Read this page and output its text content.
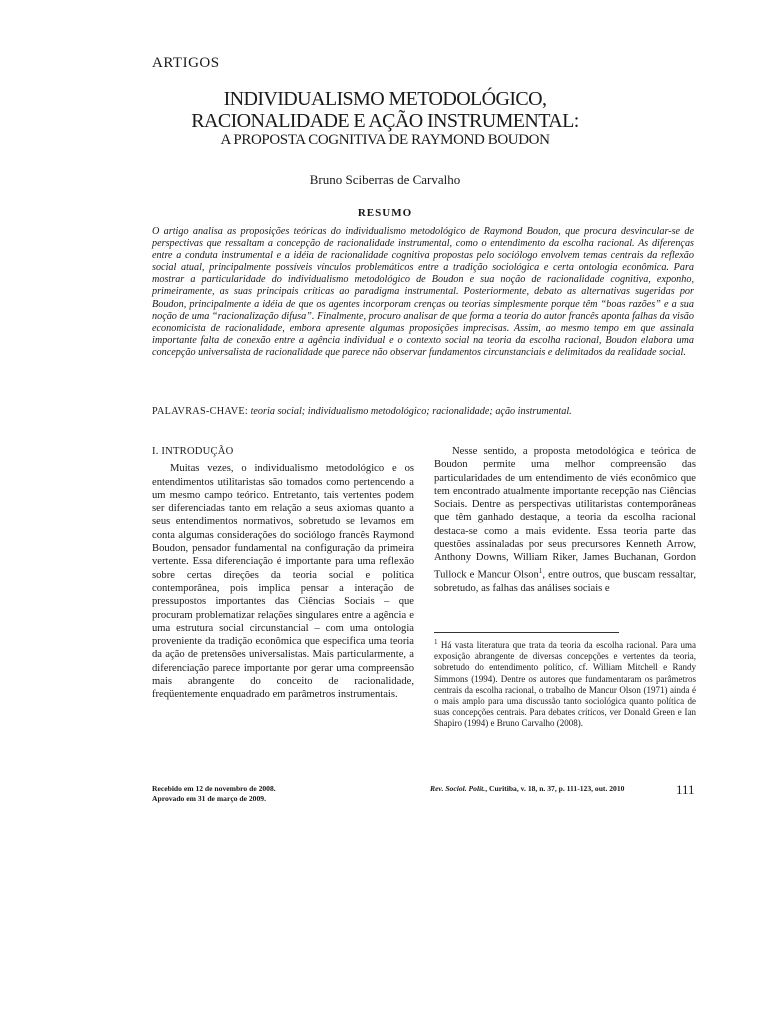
ARTIGOS
INDIVIDUALISMO METODOLÓGICO,
RACIONALIDADE E AÇÃO INSTRUMENTAL:
A PROPOSTA COGNITIVA DE RAYMOND BOUDON
Bruno Sciberras de Carvalho
RESUMO

O artigo analisa as proposições teóricas do individualismo metodológico de Raymond Boudon, que procura desvincular-se de perspectivas que ressaltam a concepção de racionalidade instrumental, como o entendimento da escolha racional. As diferenças entre a conduta instrumental e a idéia de racionalidade cognitiva propostas pelo sociólogo envolvem temas centrais da reflexão social atual, principalmente possíveis vínculos problemáticos entre a tradição sociológica e certa ontologia econômica. Para mostrar a particularidade do individualismo metodológico de Boudon e sua noção de racionalidade cognitiva, exponho, primeiramente, as suas principais críticas ao paradigma instrumental. Posteriormente, debato as alternativas sugeridas por Boudon, principalmente a idéia de que os agentes incorporam crenças ou teorias simplesmente porque têm “boas razões” e a sua noção de uma “racionalização difusa”. Finalmente, procuro analisar de que forma a teoria do autor francês aponta falhas da visão economicista de racionalidade, embora apresente algumas proposições imprecisas. Assim, ao mesmo tempo em que assinala importante falta de conexão entre a agência individual e o contexto social na teoria da escolha racional, Boudon elabora uma concepção universalista de racionalidade que parece não observar fundamentos circunstanciais e delimitados da realidade social.

PALAVRAS-CHAVE: teoria social; individualismo metodológico; racionalidade; ação instrumental.
I. INTRODUÇÃO

Muitas vezes, o individualismo metodológico e os entendimentos utilitaristas são tomados como pertencendo a um mesmo campo teórico. Entretanto, tais vertentes podem ser diferenciadas tanto em relação a seus axiomas quanto a seus entendimentos normativos, sobretudo se levamos em conta algumas considerações do sociólogo francês Raymond Boudon, pensador fundamental na configuração da primeira vertente. Essa diferenciação é importante para uma reflexão sobre certas direções da teoria social e política contemporânea, pois implica pensar a interação de pressupostos importantes das Ciências Sociais – que procuram problematizar relações singulares entre a agência e uma estrutura social circunstancial – com uma ontologia proveniente da tradição econômica que especifica uma teoria da ação de pretensões universalistas. Mais particularmente, a diferenciação parece importante por gerar uma compreensão mais abrangente do conceito de racionalidade, freqüentemente enquadrado em parâmetros instrumentais.

Nesse sentido, a proposta metodológica e teórica de Boudon permite uma melhor compreensão das particularidades de um entendimento de viés econômico que tem encontrado atualmente importante recepção nas Ciências Sociais. Dentre as perspectivas utilitaristas contemporâneas que têm ganhado destaque, a teoria da escolha racional destaca-se como a mais evidente. Essa teoria parte das questões assinaladas por seus precursores Kenneth Arrow, Anthony Downs, William Riker, James Buchanan, Gordon Tullock e Mancur Olson$^1$, entre outros, que buscam ressaltar, sobretudo, as falhas das análises sociais e

$^1$ Há vasta literatura que trata da teoria da escolha racional. Para uma exposição abrangente de diversas concepções e vertentes da teoria, sobretudo do entendimento político, cf. William Mitchell e Randy Simmons (1994). Dentre os autores que fundamentaram os parâmetros centrais da escolha racional, o trabalho de Mancur Olson (1971) ainda é o mais amplo para uma discussão tanto sociológica quanto política de suas concepções centrais. Para debates críticos, ver Donald Green e Ian Shapiro (1994) e Bruno Carvalho (2008).
Recebido em 12 de novembro de 2008.
Aprovado em 31 de março de 2009.
Rev. Sociol. Polít., Curitiba, v. 18, n. 37, p. 111-123, out. 2010	111
